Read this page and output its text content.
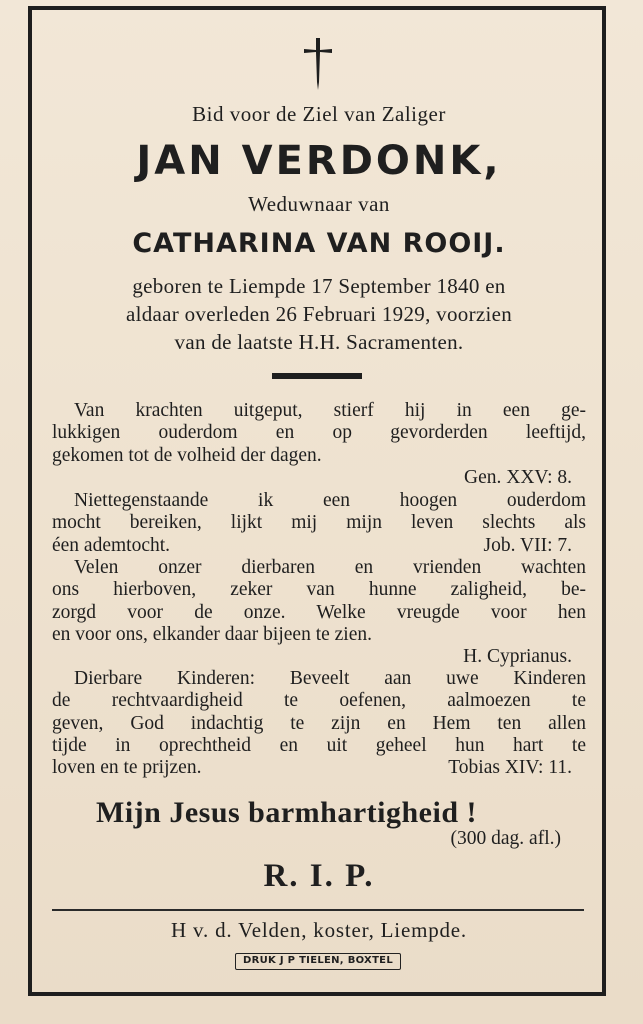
Bid voor de Ziel van Zaliger
JAN VERDONK,
Weduwnaar van
CATHARINA VAN ROOIJ.
geboren te Liempde 17 September 1840 en
aldaar overleden 26 Februari 1929, voorzien
van de laatste H.H. Sacramenten.
Van krachten uitgeput, stierf hij in een ge-
lukkigen ouderdom en op gevorderden leeftijd,
gekomen tot de volheid der dagen.
Gen. XXV: 8.
Niettegenstaande ik een hoogen ouderdom
mocht bereiken, lijkt mij mijn leven slechts als
éen ademtocht.	Job. VII: 7.
Velen onzer dierbaren en vrienden wachten
ons hierboven, zeker van hunne zaligheid, be-
zorgd voor de onze. Welke vreugde voor hen
en voor ons, elkander daar bijeen te zien.
H. Cyprianus.
Dierbare Kinderen: Beveelt aan uwe Kinderen
de rechtvaardigheid te oefenen, aalmoezen te
geven, God indachtig te zijn en Hem ten allen
tijde in oprechtheid en uit geheel hun hart te
loven en te prijzen.	Tobias XIV: 11.
Mijn Jesus barmhartigheid !
(300 dag. afl.)
R. I. P.
H v. d. Velden, koster, Liempde.
DRUK J P TIELEN, BOXTEL
